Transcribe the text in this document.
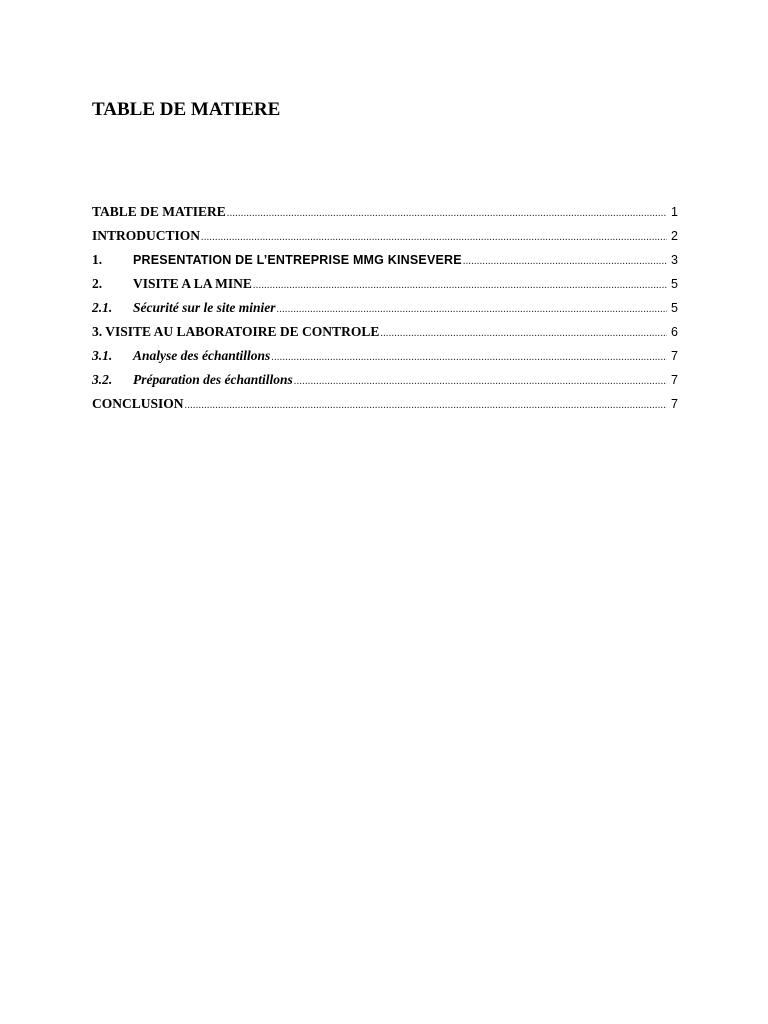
TABLE DE MATIERE
TABLE DE MATIERE .....	1
INTRODUCTION .....	2
1.	PRESENTATION DE L’ENTREPRISE MMG KINSEVERE .....	3
2.	VISITE A LA MINE .....	5
2.1.	Sécurité sur le site minier .....	5
3. VISITE AU LABORATOIRE DE CONTROLE .....	6
3.1.	Analyse des échantillons .....	7
3.2.	Préparation des échantillons .....	7
CONCLUSION .....	7
